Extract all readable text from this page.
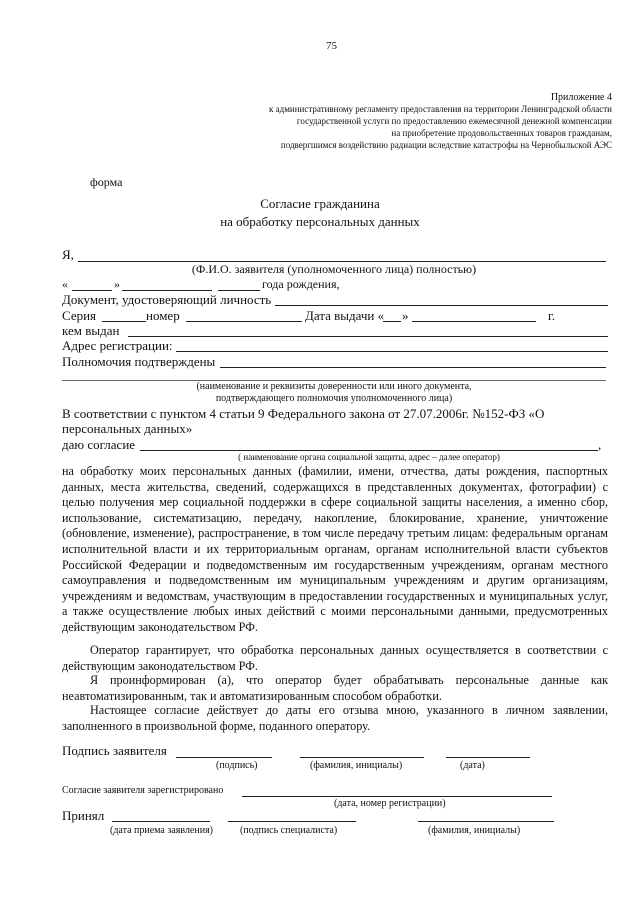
75
Приложение 4
к административному регламенту предоставления на территории Ленинградской области
государственной услуги по предоставлению ежемесячной денежной компенсации
на приобретение продовольственных товаров гражданам,
подвергшимся воздействию радиации вследствие катастрофы на Чернобыльской АЭС
форма
Согласие гражданина
на обработку персональных данных
Я,
(Ф.И.О. заявителя (уполномоченного лица) полностью)
«	»	года рождения,
Документ, удостоверяющий личность
Серия	номер	Дата выдачи « »	г.
кем выдан
Адрес регистрации:
Полномочия подтверждены
(наименование и реквизиты доверенности или иного документа,
подтверждающего полномочия уполномоченного лица)
В соответствии с пунктом 4 статьи 9 Федерального закона от 27.07.2006г. №152-ФЗ «О
персональных данных»
даю согласие	,
( наименование органа социальной защиты, адрес – далее оператор)
на обработку моих персональных данных (фамилии, имени, отчества, даты рождения, паспортных данных, места жительства, сведений, содержащихся в представленных документах, фотографии) с целью получения мер социальной поддержки в сфере социальной защиты населения, а именно сбор, использование, систематизацию, передачу, накопление, блокирование, хранение, уничтожение (обновление, изменение), распространение, в том числе передачу третьим лицам: федеральным органам исполнительной власти и их территориальным органам, органам исполнительной власти субъектов Российской Федерации и подведомственным им государственным учреждениям, органам местного самоуправления и подведомственным им муниципальным учреждениям и другим организациям, учреждениям и ведомствам, участвующим в предоставлении государственных и муниципальных услуг, а также осуществление любых иных действий с моими персональными данными, предусмотренных действующим законодательством РФ.
Оператор гарантирует, что обработка персональных данных осуществляется в соответствии с действующим законодательством РФ.
Я проинформирован (а), что оператор будет обрабатывать персональные данные как неавтоматизированным, так и автоматизированным способом обработки.
Настоящее согласие действует до даты его отзыва мною, указанного в личном заявлении, заполненного в произвольной форме, поданного оператору.
Подпись заявителя
(подпись)	(фамилия, инициалы)	(дата)
Согласие заявителя зарегистрировано
(дата, номер регистрации)
Принял
(дата приема заявления)	(подпись специалиста)	(фамилия, инициалы)
